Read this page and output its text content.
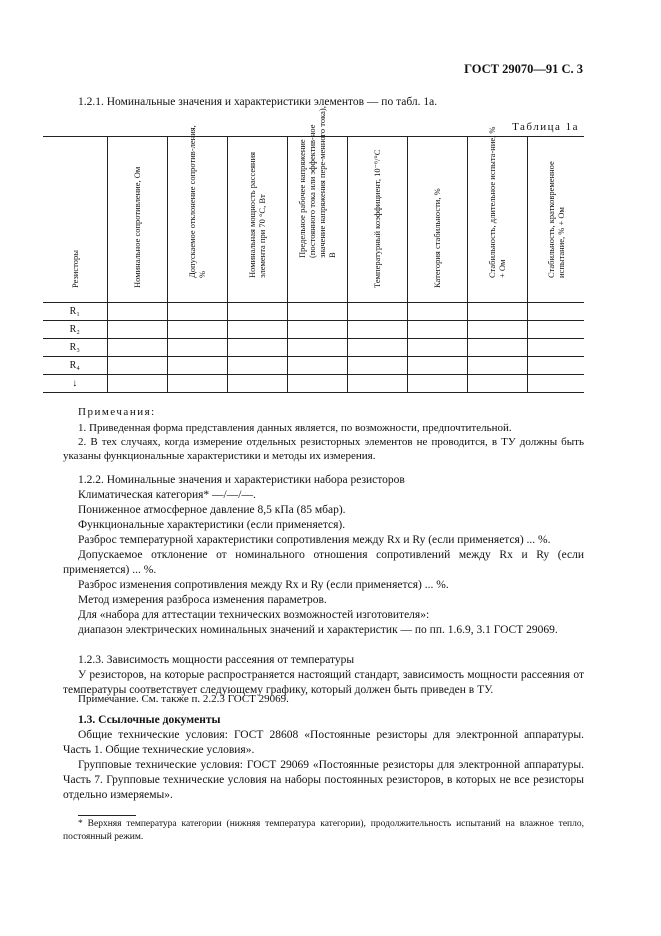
ГОСТ 29070—91 С. 3
1.2.1. Номинальные значения и характеристики элементов — по табл. 1а.
Таблица 1а
Резисторы	Номинальное сопротивление, Ом	Допускаемое отклонение сопротив-ления, %	Номинальная мощность рассеяния элемента при 70 °С, Вт	Предельное рабочее напряжение (постоянного тока или эффектив-ное значение напряжения пере-менного тока), В	Температурный коэффициент, 10⁻⁶/°С	Категория стабильности, %	Стабильность, длительное испыта-ние, % + Ом	Стабильность, кратковременное испытание, % + Ом

R₁								
R₂								
R₃								
R₄								
↓								
Примечания:
1. Приведенная форма представления данных является, по возможности, предпочтительной.
2. В тех случаях, когда измерение отдельных резисторных элементов не проводится, в ТУ должны быть указаны функциональные характеристики и методы их измерения.
1.2.2. Номинальные значения и характеристики набора резисторов
Климатическая категория* —/—/—.
Пониженное атмосферное давление 8,5 кПа (85 мбар).
Функциональные характеристики (если применяется).
Разброс температурной характеристики сопротивления между Rx и Ry (если применяется) ... %.
Допускаемое отклонение от номинального отношения сопротивлений между Rx и Ry (если применяется) ... %.
Разброс изменения сопротивления между Rx и Ry (если применяется) ... %.
Метод измерения разброса изменения параметров.
Для «набора для аттестации технических возможностей изготовителя»:
диапазон электрических номинальных значений и характеристик — по пп. 1.6.9, 3.1 ГОСТ 29069.
1.2.3. Зависимость мощности рассеяния от температуры
У резисторов, на которые распространяется настоящий стандарт, зависимость мощности рассеяния от температуры соответствует следующему графику, который должен быть приведен в ТУ.
Примечание. См. также п. 2.2.3 ГОСТ 29069.
1.3. Ссылочные документы
Общие технические условия: ГОСТ 28608 «Постоянные резисторы для электронной аппаратуры. Часть 1. Общие технические условия».
Групповые технические условия: ГОСТ 29069 «Постоянные резисторы для электронной аппаратуры. Часть 7. Групповые технические условия на наборы постоянных резисторов, в которых не все резисторы отдельно измеряемы».
* Верхняя температура категории (нижняя температура категории), продолжительность испытаний на влажное тепло, постоянный режим.
